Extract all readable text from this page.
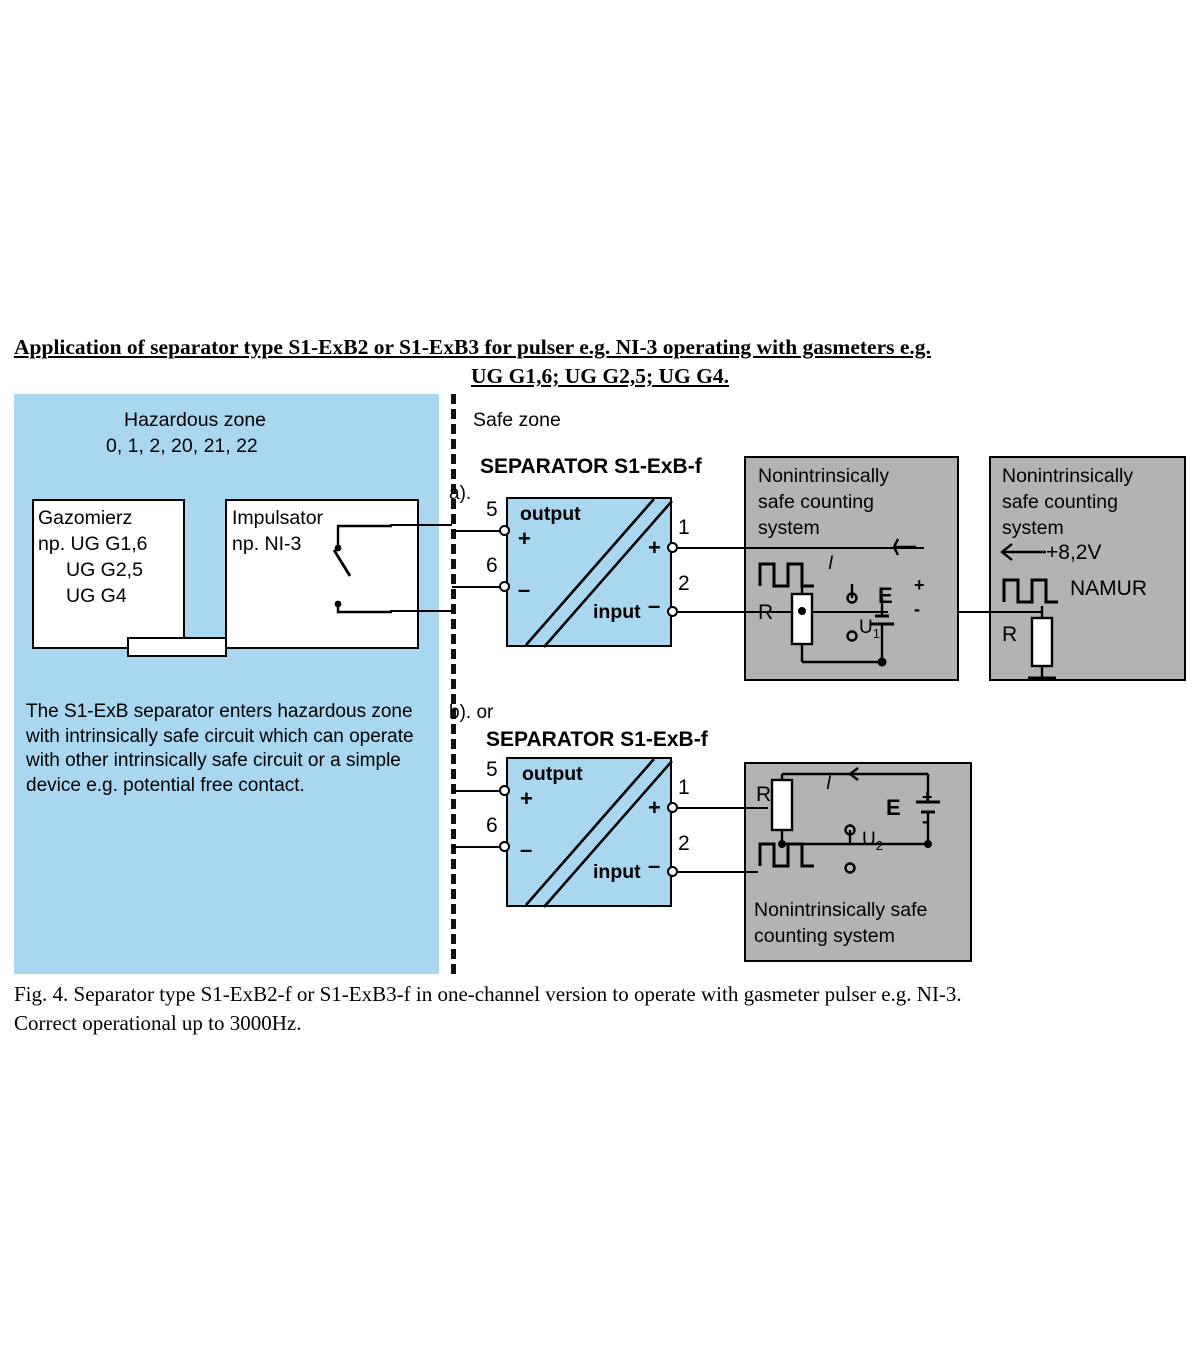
Application of separator type S1-ExB2 or S1-ExB3 for pulser e.g. NI-3 operating with gasmeters e.g.
UG G1,6; UG G2,5; UG G4.
Hazardous zone
0, 1, 2, 20, 21, 22
Safe zone
Gazomierz
np. UG G1,6
UG G2,5
UG G4
Impulsator
np. NI-3
The S1-ExB separator enters hazardous zone with intrinsically safe circuit which can operate with other intrinsically safe circuit or a simple device e.g. potential free contact.
SEPARATOR S1-ExB-f
a).
output
input
5
6
+
–
1
2
+
–
Nonintrinsically
safe counting
system
I
R
E +
-
$U_1$
Nonintrinsically
safe counting
system
+8,2V
NAMUR
R
b). or
SEPARATOR S1-ExB-f
output
input
5
6
+
–
1
2
+
–
R
E +
-
I
$U_2$
Nonintrinsically safe
counting system
Fig. 4. Separator type S1-ExB2-f or S1-ExB3-f in one-channel version to operate with gasmeter pulser e.g. NI-3.
Correct operational up to 3000Hz.
